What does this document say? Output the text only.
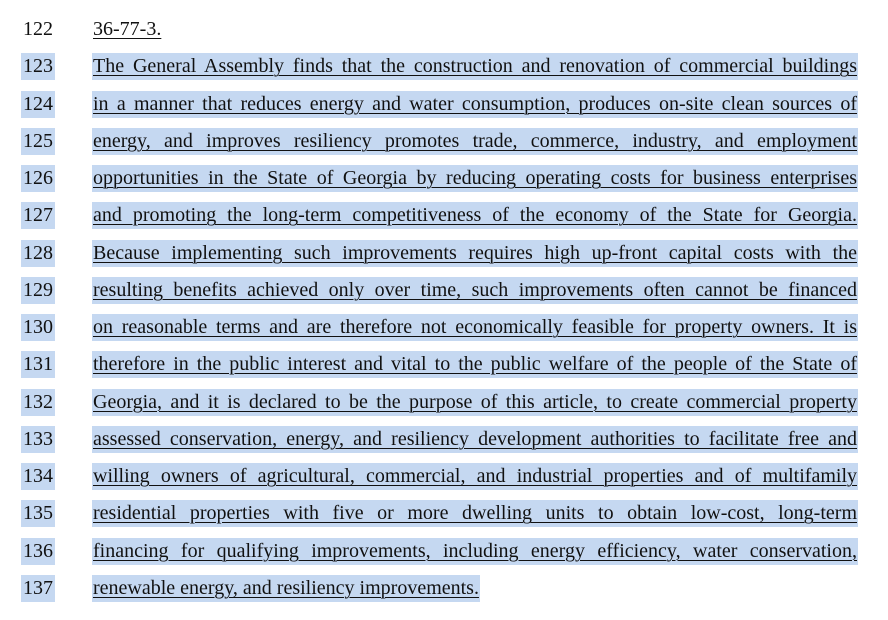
122 36-77-3.
123 The General Assembly finds that the construction and renovation of commercial buildings
124 in a manner that reduces energy and water consumption, produces on-site clean sources of
125 energy, and improves resiliency promotes trade, commerce, industry, and employment
126 opportunities in the State of Georgia by reducing operating costs for business enterprises
127 and promoting the long-term competitiveness of the economy of the State for Georgia.
128 Because implementing such improvements requires high up-front capital costs with the
129 resulting benefits achieved only over time, such improvements often cannot be financed
130 on reasonable terms and are therefore not economically feasible for property owners. It is
131 therefore in the public interest and vital to the public welfare of the people of the State of
132 Georgia, and it is declared to be the purpose of this article, to create commercial property
133 assessed conservation, energy, and resiliency development authorities to facilitate free and
134 willing owners of agricultural, commercial, and industrial properties and of multifamily
135 residential properties with five or more dwelling units to obtain low-cost, long-term
136 financing for qualifying improvements, including energy efficiency, water conservation,
137 renewable energy, and resiliency improvements.
